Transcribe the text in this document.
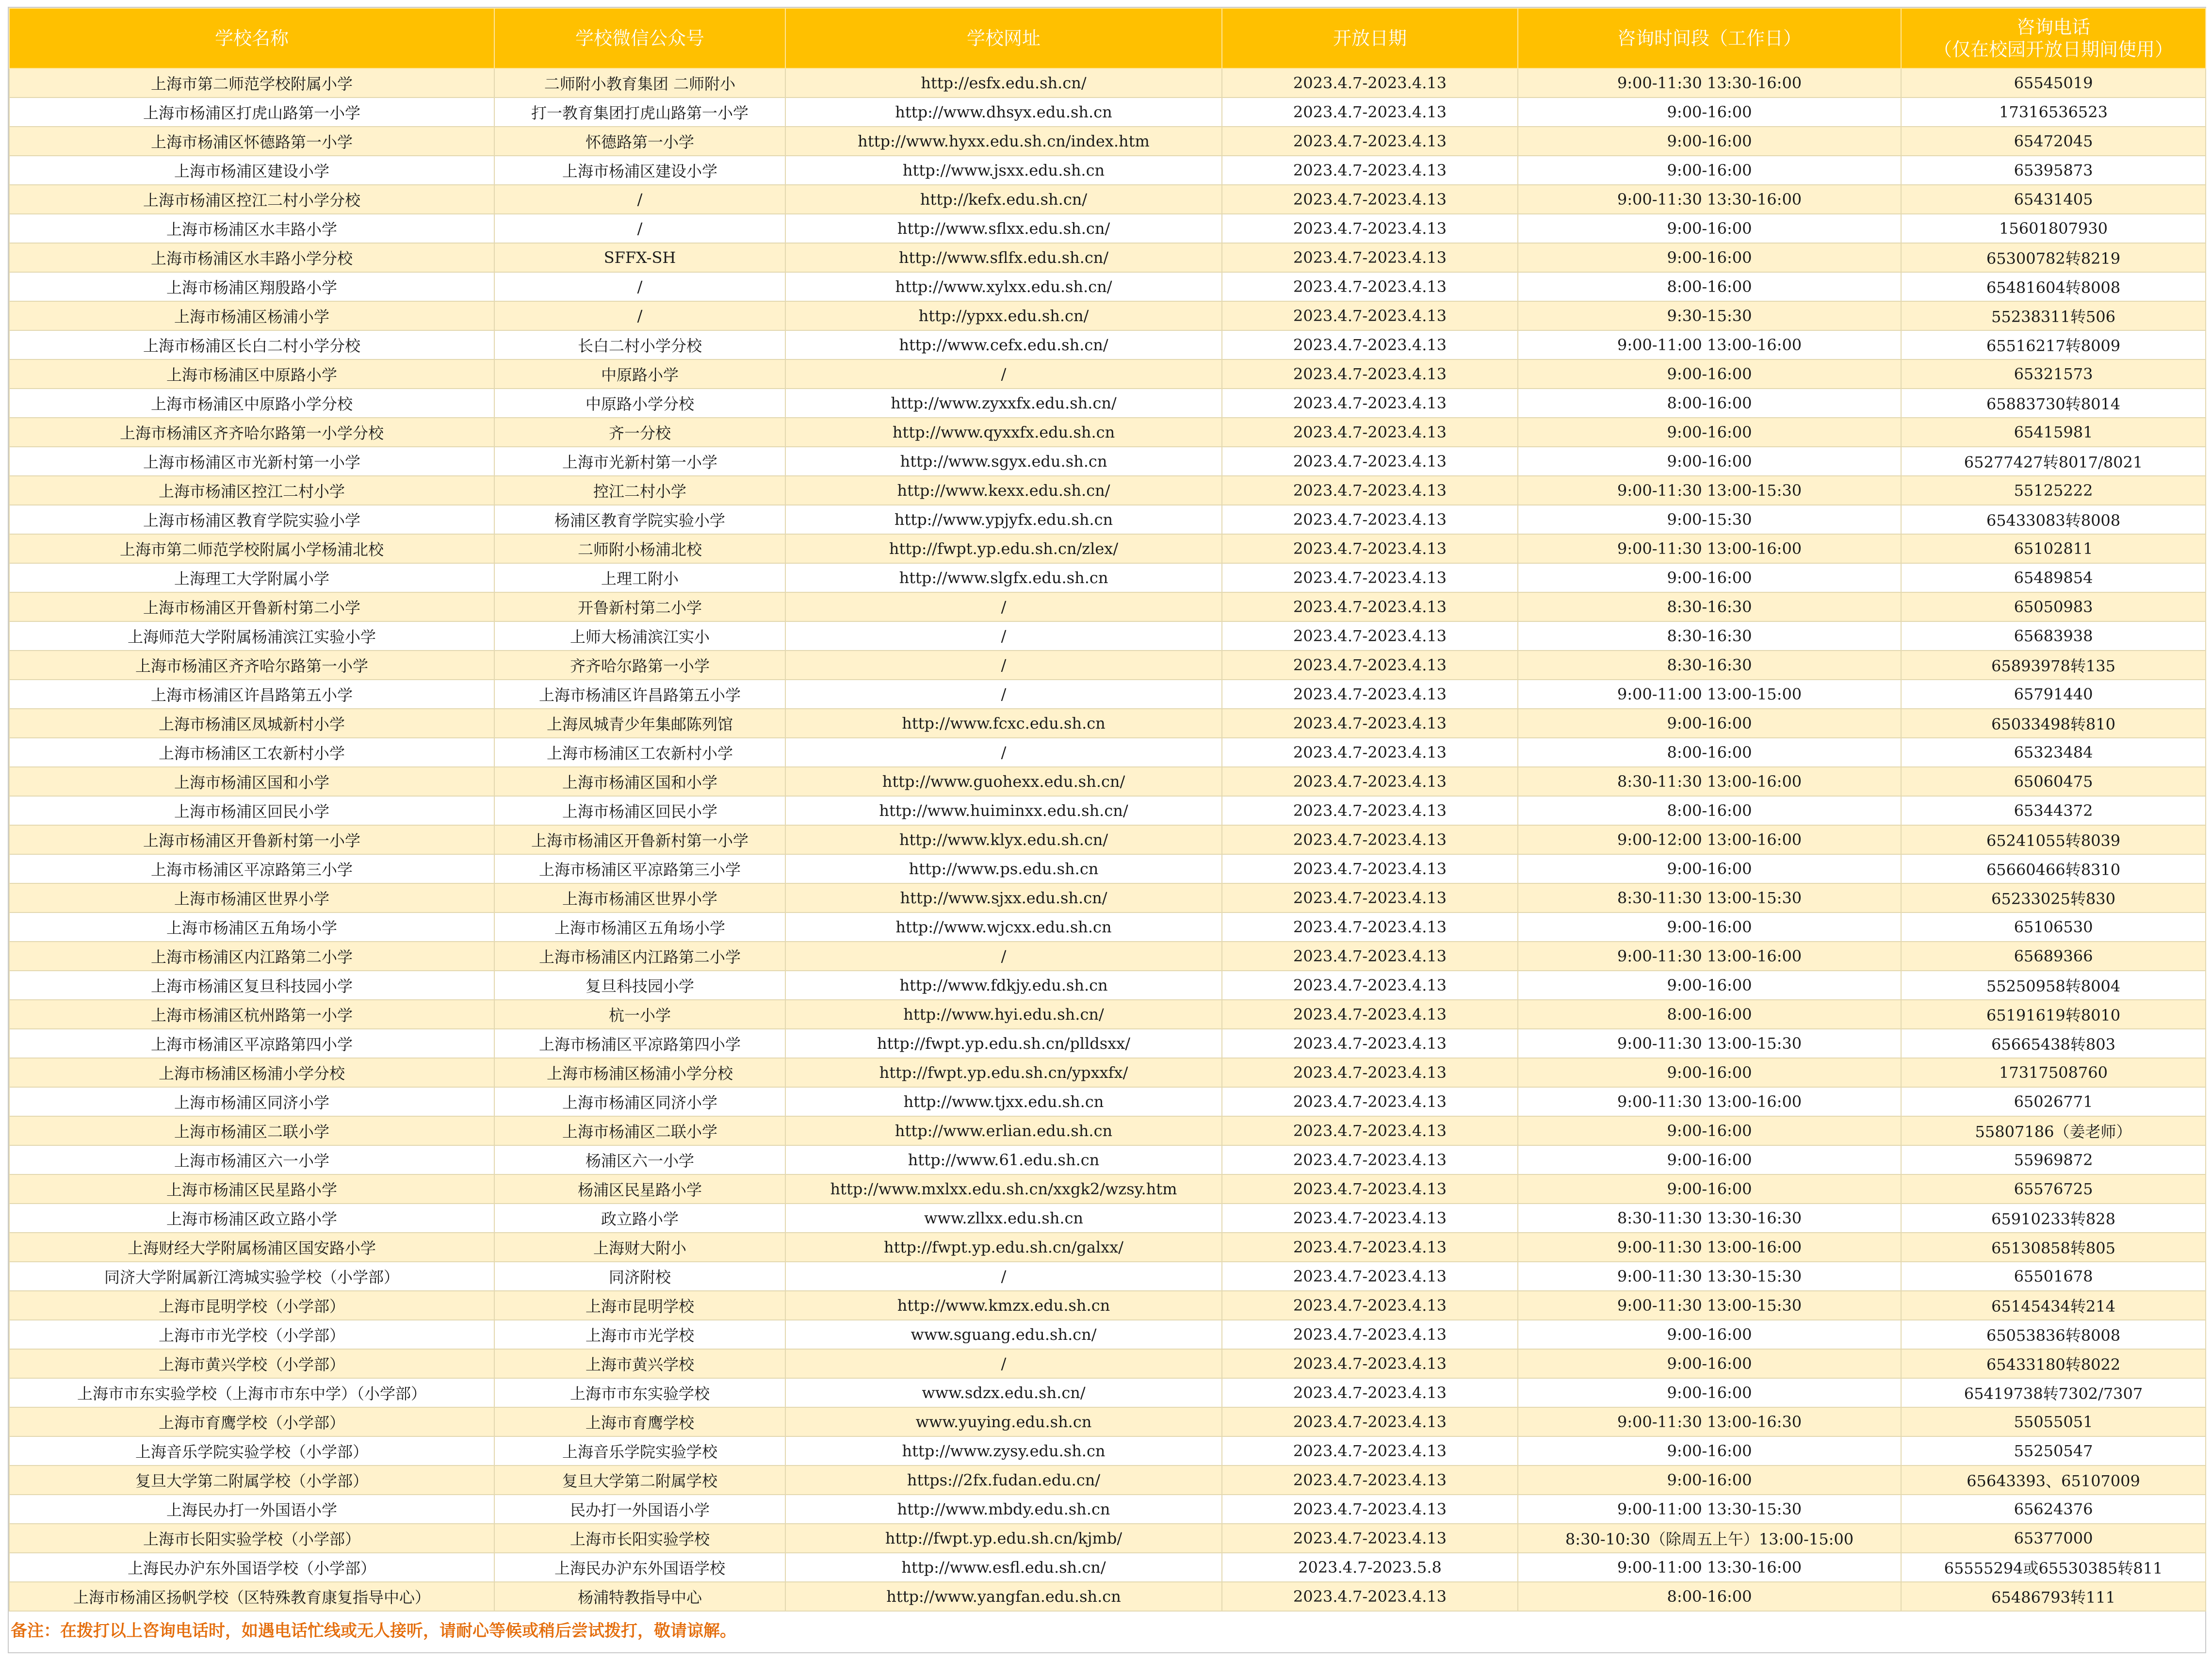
学校名称	学校微信公众号	学校网址	开放日期	咨询时间段（工作日）	咨询电话
（仅在校园开放日期间使用）

上海市第二师范学校附属小学	二师附小教育集团 二师附小	http://esfx.edu.sh.cn/	2023.4.7-2023.4.13	9:00-11:30 13:30-16:00	65545019
上海市杨浦区打虎山路第一小学	打一教育集团打虎山路第一小学	http://www.dhsyx.edu.sh.cn	2023.4.7-2023.4.13	9:00-16:00	17316536523
上海市杨浦区怀德路第一小学	怀德路第一小学	http://www.hyxx.edu.sh.cn/index.htm	2023.4.7-2023.4.13	9:00-16:00	65472045
上海市杨浦区建设小学	上海市杨浦区建设小学	http://www.jsxx.edu.sh.cn	2023.4.7-2023.4.13	9:00-16:00	65395873
上海市杨浦区控江二村小学分校	/	http://kefx.edu.sh.cn/	2023.4.7-2023.4.13	9:00-11:30 13:30-16:00	65431405
上海市杨浦区水丰路小学	/	http://www.sflxx.edu.sh.cn/	2023.4.7-2023.4.13	9:00-16:00	15601807930
上海市杨浦区水丰路小学分校	SFFX-SH	http://www.sflfx.edu.sh.cn/	2023.4.7-2023.4.13	9:00-16:00	65300782转8219
上海市杨浦区翔殷路小学	/	http://www.xylxx.edu.sh.cn/	2023.4.7-2023.4.13	8:00-16:00	65481604转8008
上海市杨浦区杨浦小学	/	http://ypxx.edu.sh.cn/	2023.4.7-2023.4.13	9:30-15:30	55238311转506
上海市杨浦区长白二村小学分校	长白二村小学分校	http://www.cefx.edu.sh.cn/	2023.4.7-2023.4.13	9:00-11:00 13:00-16:00	65516217转8009
上海市杨浦区中原路小学	中原路小学	/	2023.4.7-2023.4.13	9:00-16:00	65321573
上海市杨浦区中原路小学分校	中原路小学分校	http://www.zyxxfx.edu.sh.cn/	2023.4.7-2023.4.13	8:00-16:00	65883730转8014
上海市杨浦区齐齐哈尔路第一小学分校	齐一分校	http://www.qyxxfx.edu.sh.cn	2023.4.7-2023.4.13	9:00-16:00	65415981
上海市杨浦区市光新村第一小学	上海市光新村第一小学	http://www.sgyx.edu.sh.cn	2023.4.7-2023.4.13	9:00-16:00	65277427转8017/8021
上海市杨浦区控江二村小学	控江二村小学	http://www.kexx.edu.sh.cn/	2023.4.7-2023.4.13	9:00-11:30 13:00-15:30	55125222
上海市杨浦区教育学院实验小学	杨浦区教育学院实验小学	http://www.ypjyfx.edu.sh.cn	2023.4.7-2023.4.13	9:00-15:30	65433083转8008
上海市第二师范学校附属小学杨浦北校	二师附小杨浦北校	http://fwpt.yp.edu.sh.cn/zlex/	2023.4.7-2023.4.13	9:00-11:30 13:00-16:00	65102811
上海理工大学附属小学	上理工附小	http://www.slgfx.edu.sh.cn	2023.4.7-2023.4.13	9:00-16:00	65489854
上海市杨浦区开鲁新村第二小学	开鲁新村第二小学	/	2023.4.7-2023.4.13	8:30-16:30	65050983
上海师范大学附属杨浦滨江实验小学	上师大杨浦滨江实小	/	2023.4.7-2023.4.13	8:30-16:30	65683938
上海市杨浦区齐齐哈尔路第一小学	齐齐哈尔路第一小学	/	2023.4.7-2023.4.13	8:30-16:30	65893978转135
上海市杨浦区许昌路第五小学	上海市杨浦区许昌路第五小学	/	2023.4.7-2023.4.13	9:00-11:00 13:00-15:00	65791440
上海市杨浦区凤城新村小学	上海凤城青少年集邮陈列馆	http://www.fcxc.edu.sh.cn	2023.4.7-2023.4.13	9:00-16:00	65033498转810
上海市杨浦区工农新村小学	上海市杨浦区工农新村小学	/	2023.4.7-2023.4.13	8:00-16:00	65323484
上海市杨浦区国和小学	上海市杨浦区国和小学	http://www.guohexx.edu.sh.cn/	2023.4.7-2023.4.13	8:30-11:30 13:00-16:00	65060475
上海市杨浦区回民小学	上海市杨浦区回民小学	http://www.huiminxx.edu.sh.cn/	2023.4.7-2023.4.13	8:00-16:00	65344372
上海市杨浦区开鲁新村第一小学	上海市杨浦区开鲁新村第一小学	http://www.klyx.edu.sh.cn/	2023.4.7-2023.4.13	9:00-12:00 13:00-16:00	65241055转8039
上海市杨浦区平凉路第三小学	上海市杨浦区平凉路第三小学	http://www.ps.edu.sh.cn	2023.4.7-2023.4.13	9:00-16:00	65660466转8310
上海市杨浦区世界小学	上海市杨浦区世界小学	http://www.sjxx.edu.sh.cn/	2023.4.7-2023.4.13	8:30-11:30 13:00-15:30	65233025转830
上海市杨浦区五角场小学	上海市杨浦区五角场小学	http://www.wjcxx.edu.sh.cn	2023.4.7-2023.4.13	9:00-16:00	65106530
上海市杨浦区内江路第二小学	上海市杨浦区内江路第二小学	/	2023.4.7-2023.4.13	9:00-11:30 13:00-16:00	65689366
上海市杨浦区复旦科技园小学	复旦科技园小学	http://www.fdkjy.edu.sh.cn	2023.4.7-2023.4.13	9:00-16:00	55250958转8004
上海市杨浦区杭州路第一小学	杭一小学	http://www.hyi.edu.sh.cn/	2023.4.7-2023.4.13	8:00-16:00	65191619转8010
上海市杨浦区平凉路第四小学	上海市杨浦区平凉路第四小学	http://fwpt.yp.edu.sh.cn/plldsxx/	2023.4.7-2023.4.13	9:00-11:30 13:00-15:30	65665438转803
上海市杨浦区杨浦小学分校	上海市杨浦区杨浦小学分校	http://fwpt.yp.edu.sh.cn/ypxxfx/	2023.4.7-2023.4.13	9:00-16:00	17317508760
上海市杨浦区同济小学	上海市杨浦区同济小学	http://www.tjxx.edu.sh.cn	2023.4.7-2023.4.13	9:00-11:30 13:00-16:00	65026771
上海市杨浦区二联小学	上海市杨浦区二联小学	http://www.erlian.edu.sh.cn	2023.4.7-2023.4.13	9:00-16:00	55807186（姜老师）
上海市杨浦区六一小学	杨浦区六一小学	http://www.61.edu.sh.cn	2023.4.7-2023.4.13	9:00-16:00	55969872
上海市杨浦区民星路小学	杨浦区民星路小学	http://www.mxlxx.edu.sh.cn/xxgk2/wzsy.htm	2023.4.7-2023.4.13	9:00-16:00	65576725
上海市杨浦区政立路小学	政立路小学	www.zllxx.edu.sh.cn	2023.4.7-2023.4.13	8:30-11:30 13:30-16:30	65910233转828
上海财经大学附属杨浦区国安路小学	上海财大附小	http://fwpt.yp.edu.sh.cn/galxx/	2023.4.7-2023.4.13	9:00-11:30 13:00-16:00	65130858转805
同济大学附属新江湾城实验学校（小学部）	同济附校	/	2023.4.7-2023.4.13	9:00-11:30 13:30-15:30	65501678
上海市昆明学校（小学部）	上海市昆明学校	http://www.kmzx.edu.sh.cn	2023.4.7-2023.4.13	9:00-11:30 13:00-15:30	65145434转214
上海市市光学校（小学部）	上海市市光学校	www.sguang.edu.sh.cn/	2023.4.7-2023.4.13	9:00-16:00	65053836转8008
上海市黄兴学校（小学部）	上海市黄兴学校	/	2023.4.7-2023.4.13	9:00-16:00	65433180转8022
上海市市东实验学校（上海市市东中学）（小学部）	上海市市东实验学校	www.sdzx.edu.sh.cn/	2023.4.7-2023.4.13	9:00-16:00	65419738转7302/7307
上海市育鹰学校（小学部）	上海市育鹰学校	www.yuying.edu.sh.cn	2023.4.7-2023.4.13	9:00-11:30 13:00-16:30	55055051
上海音乐学院实验学校（小学部）	上海音乐学院实验学校	http://www.zysy.edu.sh.cn	2023.4.7-2023.4.13	9:00-16:00	55250547
复旦大学第二附属学校（小学部）	复旦大学第二附属学校	https://2fx.fudan.edu.cn/	2023.4.7-2023.4.13	9:00-16:00	65643393、65107009
上海民办打一外国语小学	民办打一外国语小学	http://www.mbdy.edu.sh.cn	2023.4.7-2023.4.13	9:00-11:00 13:30-15:30	65624376
上海市长阳实验学校（小学部）	上海市长阳实验学校	http://fwpt.yp.edu.sh.cn/kjmb/	2023.4.7-2023.4.13	8:30-10:30（除周五上午）13:00-15:00	65377000
上海民办沪东外国语学校（小学部）	上海民办沪东外国语学校	http://www.esfl.edu.sh.cn/	2023.4.7-2023.5.8	9:00-11:00 13:30-16:00	65555294或65530385转811
上海市杨浦区扬帆学校（区特殊教育康复指导中心）	杨浦特教指导中心	http://www.yangfan.edu.sh.cn	2023.4.7-2023.4.13	8:00-16:00	65486793转111
备注：在拨打以上咨询电话时，如遇电话忙线或无人接听，请耐心等候或稍后尝试拨打，敬请谅解。
